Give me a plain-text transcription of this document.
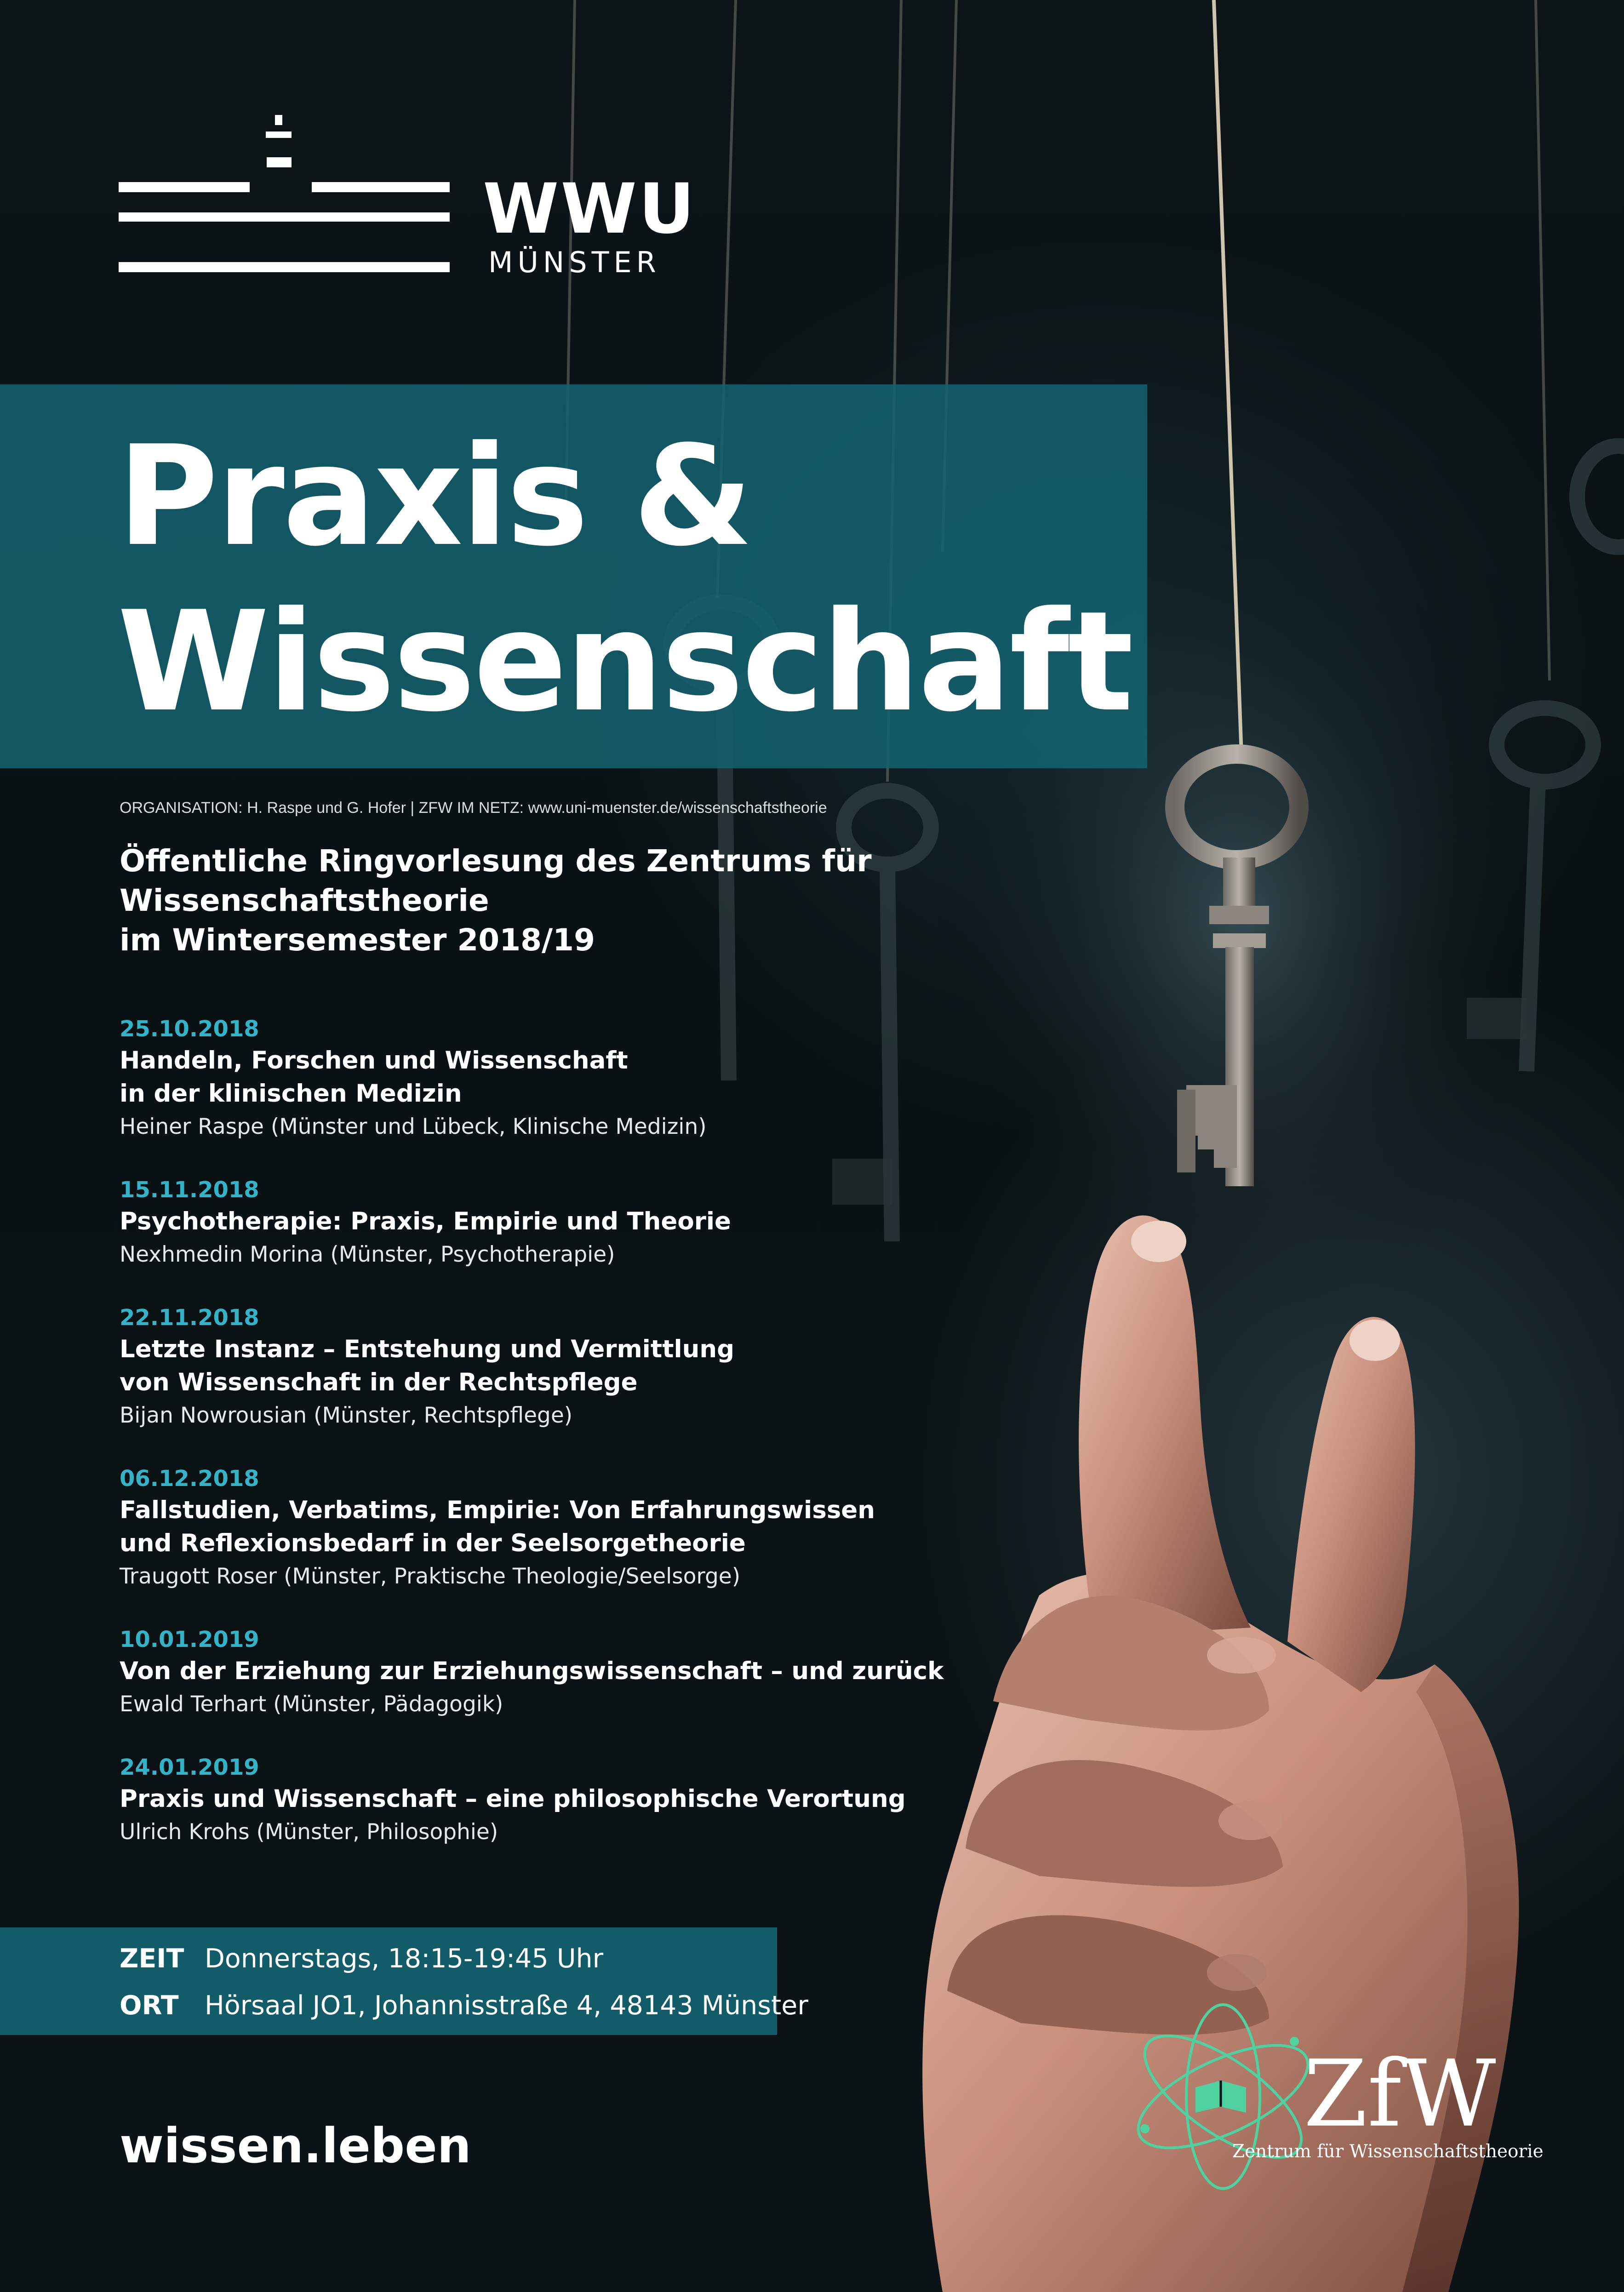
WWU
MÜNSTER
Praxis &
Wissenschaft
ORGANISATION: H. Raspe und G. Hofer | ZFW IM NETZ: www.uni-muenster.de/wissenschaftstheorie
Öffentliche Ringvorlesung des Zentrums für Wissenschaftstheorie
im Wintersemester 2018/19
25.10.2018
Handeln, Forschen und Wissenschaft
in der klinischen Medizin
Heiner Raspe (Münster und Lübeck, Klinische Medizin)
15.11.2018
Psychotherapie: Praxis, Empirie und Theorie
Nexhmedin Morina (Münster, Psychotherapie)
22.11.2018
Letzte Instanz – Entstehung und Vermittlung
von Wissenschaft in der Rechtspflege
Bijan Nowrousian (Münster, Rechtspflege)
06.12.2018
Fallstudien, Verbatims, Empirie: Von Erfahrungswissen
und Reflexionsbedarf in der Seelsorgetheorie
Traugott Roser (Münster, Praktische Theologie/Seelsorge)
10.01.2019
Von der Erziehung zur Erziehungswissenschaft – und zurück
Ewald Terhart (Münster, Pädagogik)
24.01.2019
Praxis und Wissenschaft – eine philosophische Verortung
Ulrich Krohs (Münster, Philosophie)
ZEIT Donnerstags, 18:15-19:45 Uhr
ORT Hörsaal JO1, Johannisstraße 4, 48143 Münster
wissen.leben	ZfW
Zentrum für Wissenschaftstheorie
